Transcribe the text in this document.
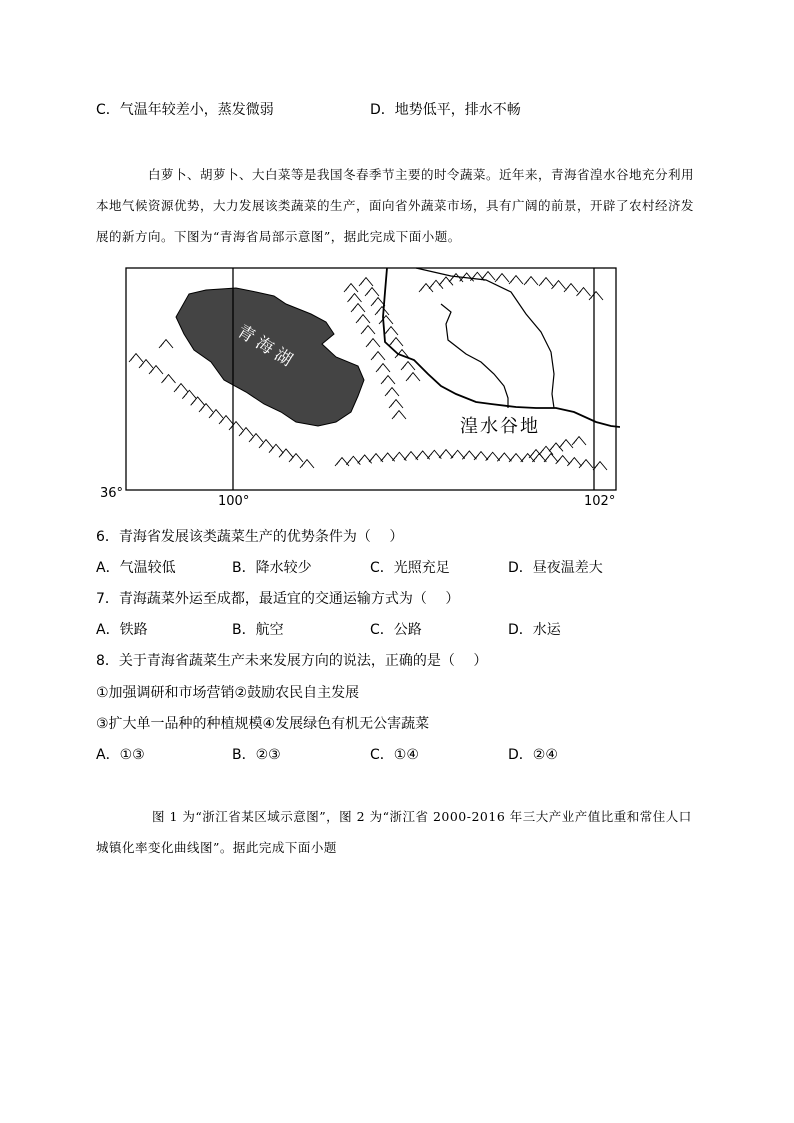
C．气温年较差小，蒸发微弱	D．地势低平，排水不畅
白萝卜、胡萝卜、大白菜等是我国冬春季节主要的时令蔬菜。近年来，青海省湟水谷地充分利用本地气候资源优势，大力发展该类蔬菜的生产，面向省外蔬菜市场，具有广阔的前景，开辟了农村经济发展的新方向。下图为“青海省局部示意图”，据此完成下面小题。
青海湖
湟水谷地
36°
100°	102°
6．青海省发展该类蔬菜生产的优势条件为（　 ）
A．气温较低	B．降水较少	C．光照充足	D．昼夜温差大
7．青海蔬菜外运至成都，最适宜的交通运输方式为（　 ）
A．铁路	B．航空	C．公路	D．水运
8．关于青海省蔬菜生产未来发展方向的说法，正确的是（　 ）
①加强调研和市场营销②鼓励农民自主发展
③扩大单一品种的种植规模④发展绿色有机无公害蔬菜
A．①③	B．②③	C．①④	D．②④
图 1 为“浙江省某区域示意图”，图 2 为“浙江省 2000-2016 年三大产业产值比重和常住人口城镇化率变化曲线图”。据此完成下面小题
